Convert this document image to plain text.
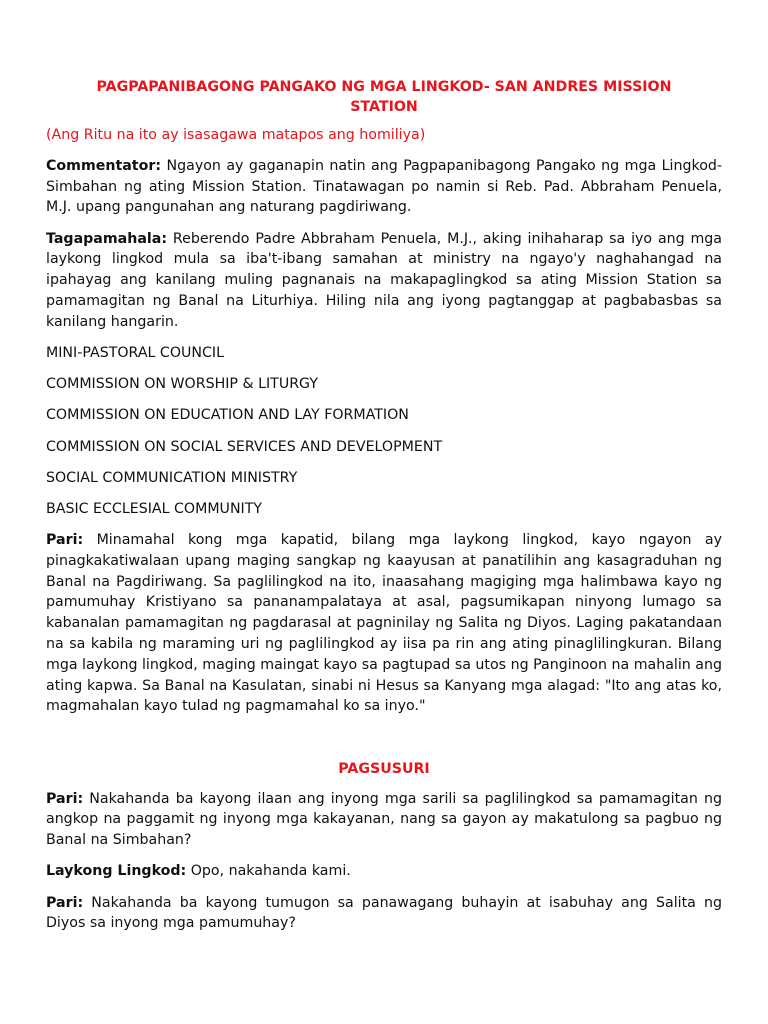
PAGPAPANIBAGONG PANGAKO NG MGA LINGKOD- SAN ANDRES MISSION STATION
(Ang Ritu na ito ay isasagawa matapos ang homiliya)

Commentator: Ngayon ay gaganapin natin ang Pagpapanibagong Pangako ng mga Lingkod-Simbahan ng ating Mission Station. Tinatawagan po namin si Reb. Pad. Abbraham Penuela, M.J. upang pangunahan ang naturang pagdiriwang.

Tagapamahala: Reberendo Padre Abbraham Penuela, M.J., aking inihaharap sa iyo ang mga laykong lingkod mula sa iba't-ibang samahan at ministry na ngayo'y naghahangad na ipahayag ang kanilang muling pagnanais na makapaglingkod sa ating Mission Station sa pamamagitan ng Banal na Liturhiya. Hiling nila ang iyong pagtanggap at pagbabasbas sa kanilang hangarin.

MINI-PASTORAL COUNCIL
COMMISSION ON WORSHIP & LITURGY
COMMISSION ON EDUCATION AND LAY FORMATION
COMMISSION ON SOCIAL SERVICES AND DEVELOPMENT
SOCIAL COMMUNICATION MINISTRY
BASIC ECCLESIAL COMMUNITY

Pari: Minamahal kong mga kapatid, bilang mga laykong lingkod, kayo ngayon ay pinagkakatiwalaan upang maging sangkap ng kaayusan at panatilihin ang kasagraduhan ng Banal na Pagdiriwang. Sa paglilingkod na ito, inaasahang magiging mga halimbawa kayo ng pamumuhay Kristiyano sa pananampalataya at asal, pagsumikapan ninyong lumago sa kabanalan pamamagitan ng pagdarasal at pagninilay ng Salita ng Diyos. Laging pakatandaan na sa kabila ng maraming uri ng paglilingkod ay iisa pa rin ang ating pinaglilingkuran. Bilang mga laykong lingkod, maging maingat kayo sa pagtupad sa utos ng Panginoon na mahalin ang ating kapwa. Sa Banal na Kasulatan, sinabi ni Hesus sa Kanyang mga alagad: "Ito ang atas ko, magmahalan kayo tulad ng pagmamahal ko sa inyo."

PAGSUSURI

Pari: Nakahanda ba kayong ilaan ang inyong mga sarili sa paglilingkod sa pamamagitan ng angkop na paggamit ng inyong mga kakayanan, nang sa gayon ay makatulong sa pagbuo ng Banal na Simbahan?

Laykong Lingkod: Opo, nakahanda kami.

Pari: Nakahanda ba kayong tumugon sa panawagang buhayin at isabuhay ang Salita ng Diyos sa inyong mga pamumuhay?
